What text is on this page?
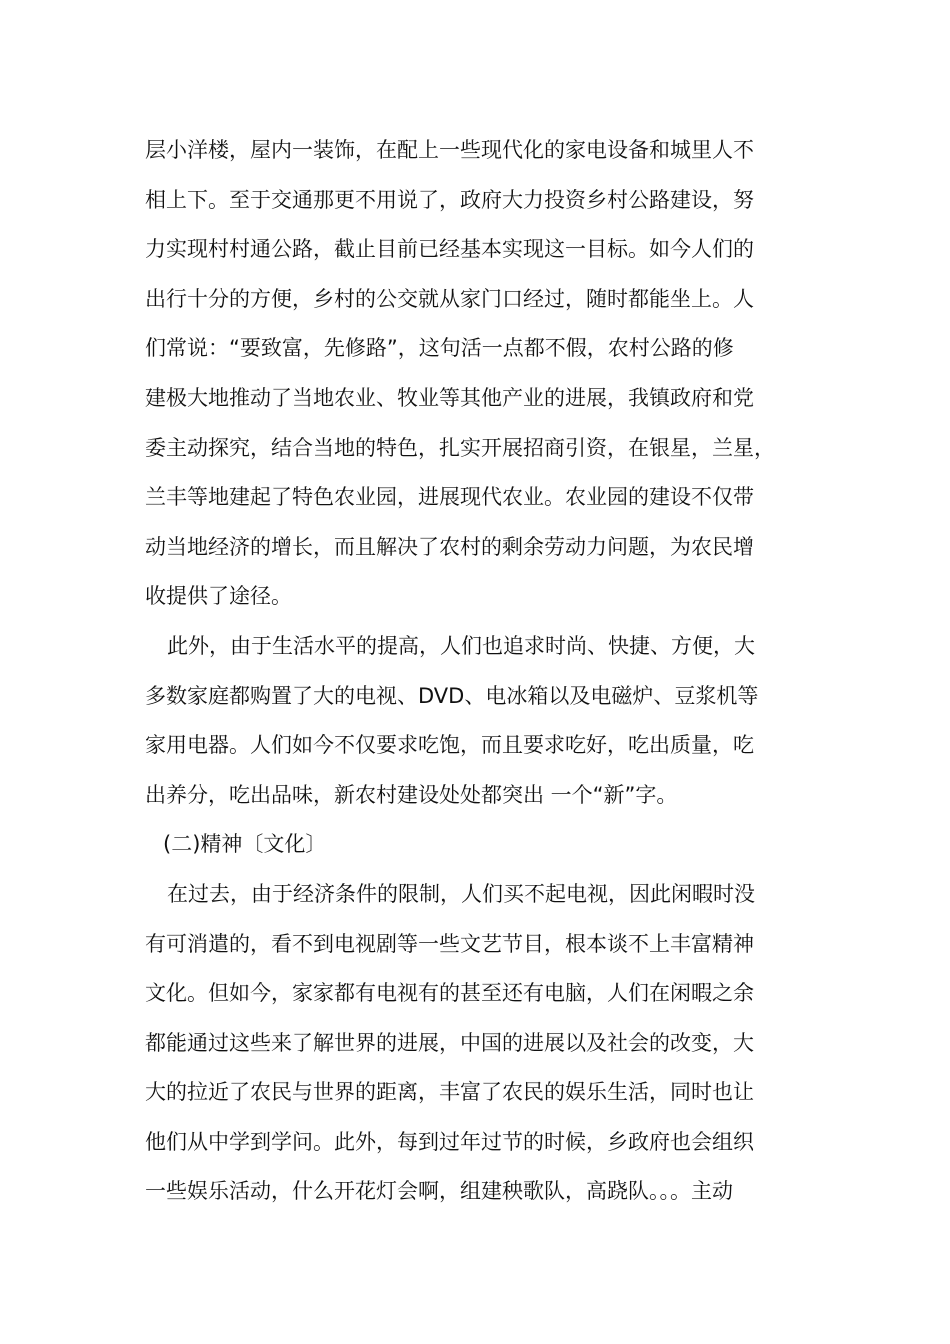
层小洋楼，屋内一装饰，在配上一些现代化的家电设备和城里人不
相上下。至于交通那更不用说了，政府大力投资乡村公路建设，努
力实现村村通公路，截止目前已经基本实现这一目标。如今人们的
出行十分的方便，乡村的公交就从家门口经过，随时都能坐上。人
们常说：“要致富，先修路”，这句活一点都不假，农村公路的修
建极大地推动了当地农业、牧业等其他产业的进展，我镇政府和党
委主动探究，结合当地的特色，扎实开展招商引资，在银星，兰星，
兰丰等地建起了特色农业园，进展现代农业。农业园的建设不仅带
动当地经济的增长，而且解决了农村的剩余劳动力问题，为农民增
收提供了途径。
此外，由于生活水平的提高，人们也追求时尚、快捷、方便，大
多数家庭都购置了大的电视、DVD、电冰箱以及电磁炉、豆浆机等
家用电器。人们如今不仅要求吃饱，而且要求吃好，吃出质量，吃
出养分，吃出品味，新农村建设处处都突出 一个“新”字。
(二)精神〔文化〕
在过去，由于经济条件的限制，人们买不起电视，因此闲暇时没
有可消遣的，看不到电视剧等一些文艺节目，根本谈不上丰富精神
文化。但如今，家家都有电视有的甚至还有电脑，人们在闲暇之余
都能通过这些来了解世界的进展，中国的进展以及社会的改变，大
大的拉近了农民与世界的距离，丰富了农民的娱乐生活，同时也让
他们从中学到学问。此外，每到过年过节的时候，乡政府也会组织
一些娱乐活动，什么开花灯会啊，组建秧歌队，高跷队。。。主动
